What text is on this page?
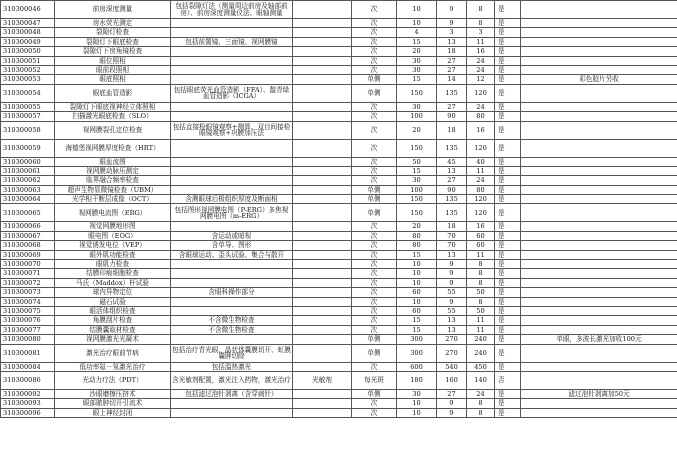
310300046	前房深度测量	包括裂隙灯法（测量周边前房及轴部前房）、前房深度测量仪法、眼轴测量		次	10	9	8	是	
310300047	房水荧光测定			次	10	9	8	是	
310300048	裂隙灯检查			次	4	3	3	是	
310300049	裂隙灯下眼底检查	包括前置镜、三面镜、视网膜镜		次	15	13	11	是	
310300050	裂隙灯下房角镜检查			次	20	18	16	是	
310300051	眼位照相			次	30	27	24	是	
310300052	眼前段照相			次	30	27	24	是	
310300053	眼底照相			单侧	15	14	12	是	彩色胶片另收
310300054	眼底血管造影	包括眼底荧光血管造影（FFA）、靛青绿血管造影（ICGA）		单侧	150	135	120	是	
310300055	裂隙灯下眼底视神经立体照相			次	30	27	24	是	
310300057	扫描激光眼底检查（SLO）			次	100	90	80	是	
310300058	视网膜裂孔定位检查	包括直接检眼镜观察+测算、双目间接检眼镜观察+巩膜加压法		次	20	18	16	是	
310300059	海德堡视网膜厚度检查（HRT）			次	150	135	120	是	
310300060	眼血流图			次	50	45	40	是	
310300061	视网膜动脉压测定			次	15	13	11	是	
310300062	临界融合频率检查			次	30	27	24	是	
310300063	超声生物显微镜检查（UBM）			单侧	100	90	80	是	
310300064	光学相干断层成像（OCT）	含测眼球后极组织厚度及断面相		单侧	150	135	120	是	
310300065	视网膜电流图（ERG）	包括图形视网膜电图（P-ERG）多焦视网膜电图（m-ERG）		单侧	150	135	120	是	
310300066	视觉网膜地形图			次	20	18	16	是	
310300067	眼电图（EOG）	含运动或暗视		次	80	70	60	是	
310300068	视觉诱发电位（VEP）	含单导、图形		次	80	70	60	是	
310300069	眼外肌功能检查	含眼球运动、歪头试验、集合与散开		次	15	13	11	是	
310300070	眼肌力检查			次	10	9	8	是	
310300071	结膜印痕细胞检查			次	10	9	8	是	
310300072	马氏（Maddox）杆试验			次	10	9	8	是	
310300073	球内异物定位	含眼科操作部分		次	60	55	50	是	
310300074	磁石试验			次	10	9	8	是	
310300075	眼活体组织检查			次	60	55	50	是	
310300076	角膜刮片检查	不含微生物检查		次	15	13	11	是	
310300077	结膜囊取材检查	不含微生物检查		次	15	13	11	是	
310300080	视网膜激光光凝术			单侧	300	270	240	是	单眼，多波长激光加收100元
310300081	激光治疗眼前节病	包括治疗青光眼、晶状体囊膜切开、虹膜囊肿切除		单侧	300	270	240	是	
310300084	低功率氦－氖激光治疗	包括温热激光		次	600	540	450	是	
310300086	光动力疗法（PDT）	含光敏剂配置，激光注入药物，激光治疗	光敏剂	每光斑	180	160	140	否	
310300092	沙眼磨擦压挤术	包括滤过泡针剥离（含穿刺针）		单侧	30	27	24	是	滤过泡针剥离加50元
310300093	眼部脓肿切开引流术			次	10	9	8	是	
310300096	眼上神经封闭			次	10	9	8	是	
